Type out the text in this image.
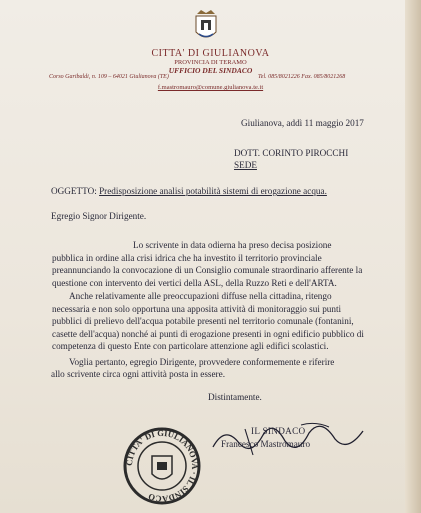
CITTA' DI GIULIANOVA
PROVINCIA DI TERAMO
UFFICIO DEL SINDACO
Corso Garibaldi, n. 109 – 64021 Giulianova (TE)	Tel. 085/8021226 Fax. 085/8021268
f.mastromauro@comune.giulianova.te.it
Giulianova, addì 11 maggio 2017
DOTT. CORINTO PIROCCHI
SEDE
OGGETTO: Predisposizione analisi potabilità sistemi di erogazione acqua.
Egregio Signor Dirigente.
Lo scrivente in data odierna ha preso decisa posizione
pubblica in ordine alla crisi idrica che ha investito il territorio provinciale
preannunciando la convocazione di un Consiglio comunale straordinario afferente la
questione con intervento dei vertici della ASL, della Ruzzo Reti e dell'ARTA.
Anche relativamente alle preoccupazioni diffuse nella cittadina, ritengo
necessaria e non solo opportuna una apposita attività di monitoraggio sui punti
pubblici di prelievo dell'acqua potabile presenti nel territorio comunale (fontanini,
casette dell'acqua) nonché ai punti di erogazione presenti in ogni edificio pubblico di
competenza di questo Ente con particolare attenzione agli edifici scolastici.
Voglia pertanto, egregio Dirigente, provvedere conformemente e riferire
allo scrivente circa ogni attività posta in essere.
Distintamente.
IL SINDACO
Francesco Mastromauro
CITTA' DI GIULIANOVA · IL SINDACO
